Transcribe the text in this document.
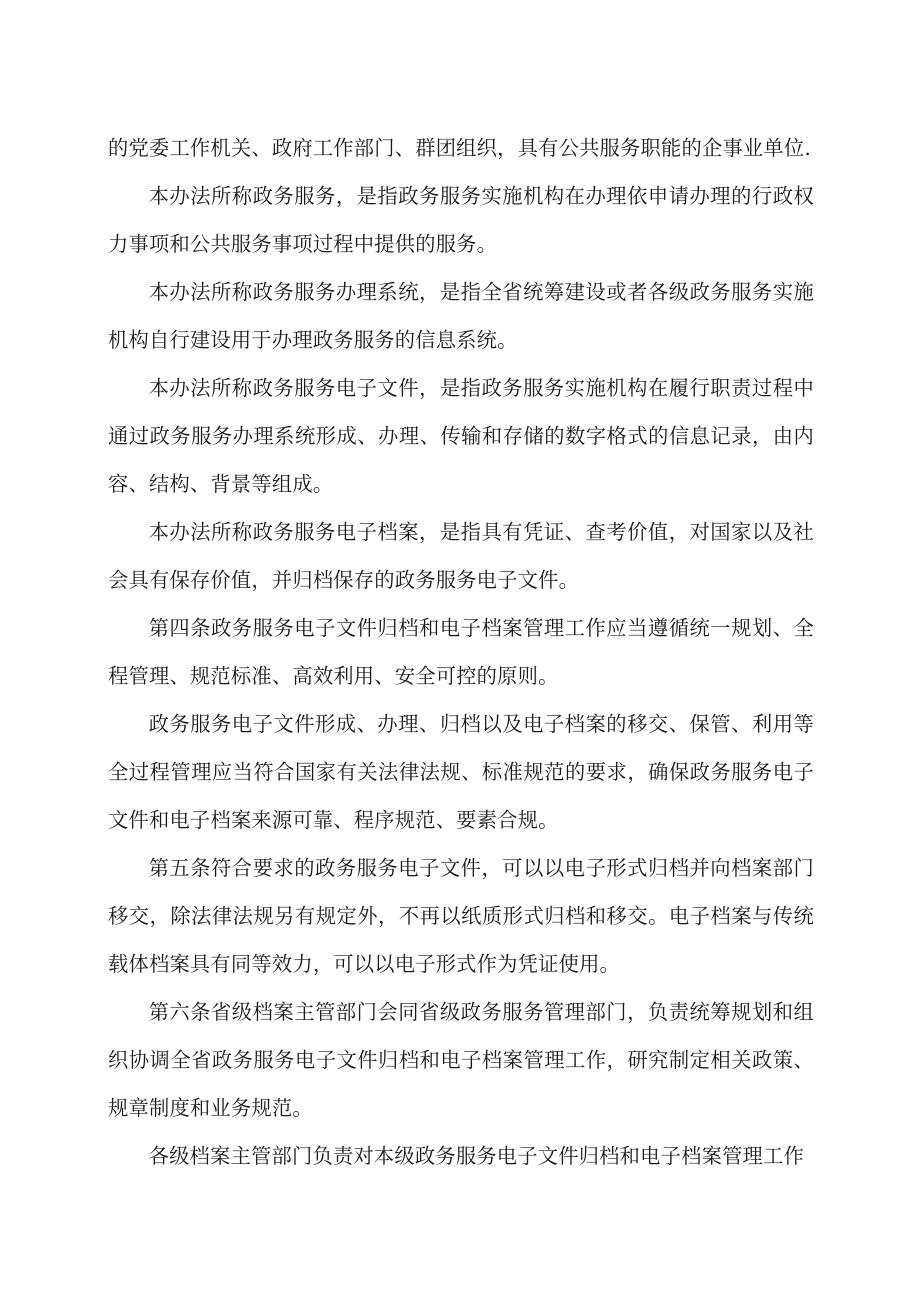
的党委工作机关、政府工作部门、群团组织，具有公共服务职能的企事业单位.

本办法所称政务服务，是指政务服务实施机构在办理依申请办理的行政权力事项和公共服务事项过程中提供的服务。

本办法所称政务服务办理系统，是指全省统筹建设或者各级政务服务实施机构自行建设用于办理政务服务的信息系统。

本办法所称政务服务电子文件，是指政务服务实施机构在履行职责过程中通过政务服务办理系统形成、办理、传输和存储的数字格式的信息记录，由内容、结构、背景等组成。

本办法所称政务服务电子档案，是指具有凭证、查考价值，对国家以及社会具有保存价值，并归档保存的政务服务电子文件。

第四条政务服务电子文件归档和电子档案管理工作应当遵循统一规划、全程管理、规范标准、高效利用、安全可控的原则。

政务服务电子文件形成、办理、归档以及电子档案的移交、保管、利用等全过程管理应当符合国家有关法律法规、标准规范的要求，确保政务服务电子文件和电子档案来源可靠、程序规范、要素合规。

第五条符合要求的政务服务电子文件，可以以电子形式归档并向档案部门移交，除法律法规另有规定外，不再以纸质形式归档和移交。电子档案与传统载体档案具有同等效力，可以以电子形式作为凭证使用。

第六条省级档案主管部门会同省级政务服务管理部门，负责统筹规划和组织协调全省政务服务电子文件归档和电子档案管理工作，研究制定相关政策、规章制度和业务规范。

各级档案主管部门负责对本级政务服务电子文件归档和电子档案管理工作
